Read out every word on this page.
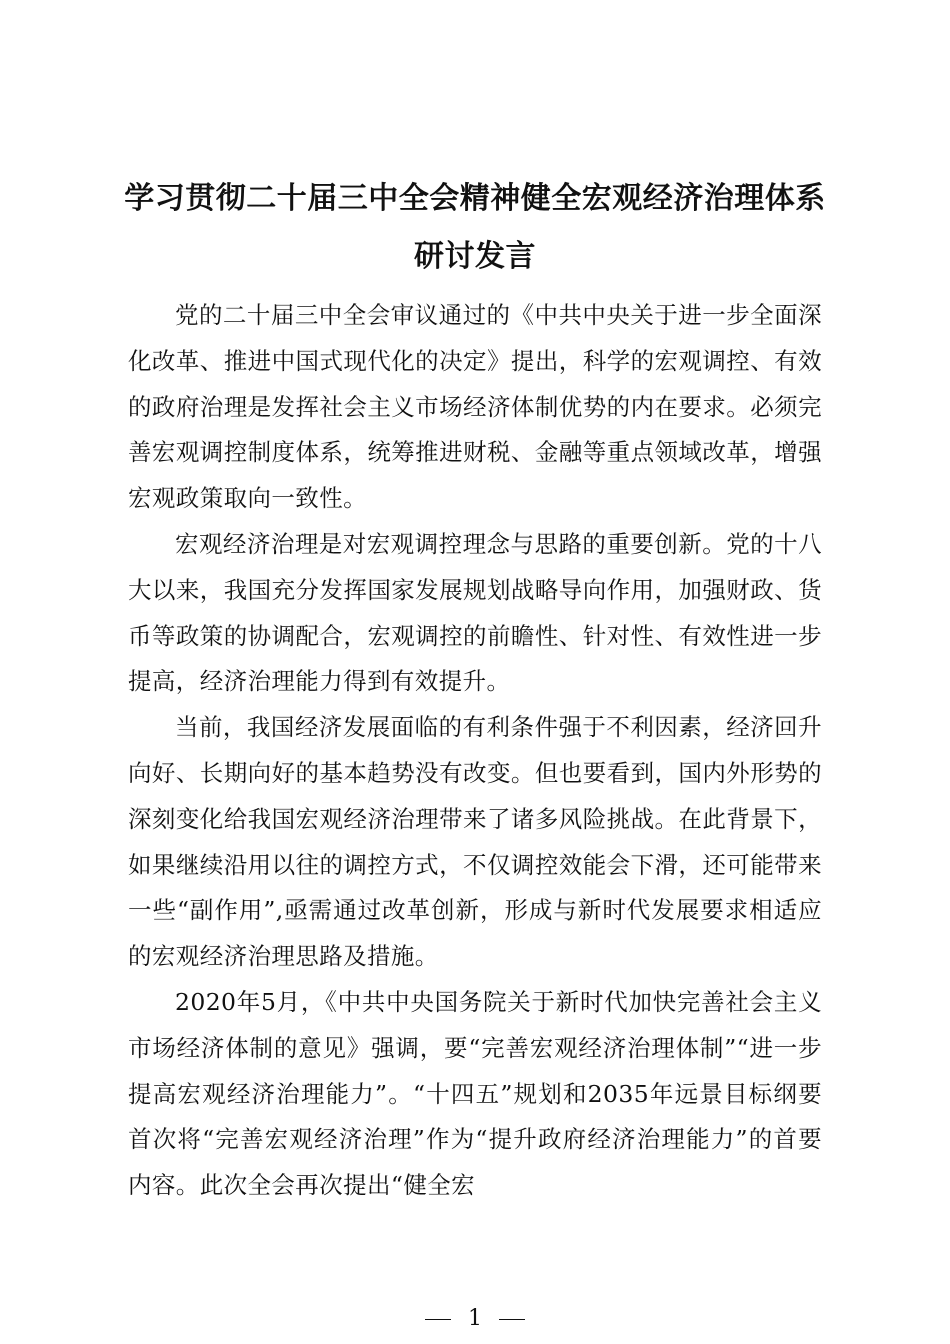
学习贯彻二十届三中全会精神健全宏观经济治理体系研讨发言

党的二十届三中全会审议通过的《中共中央关于进一步全面深化改革、推进中国式现代化的决定》提出，科学的宏观调控、有效的政府治理是发挥社会主义市场经济体制优势的内在要求。必须完善宏观调控制度体系，统筹推进财税、金融等重点领域改革，增强宏观政策取向一致性。

宏观经济治理是对宏观调控理念与思路的重要创新。党的十八大以来，我国充分发挥国家发展规划战略导向作用，加强财政、货币等政策的协调配合，宏观调控的前瞻性、针对性、有效性进一步提高，经济治理能力得到有效提升。

当前，我国经济发展面临的有利条件强于不利因素，经济回升向好、长期向好的基本趋势没有改变。但也要看到，国内外形势的深刻变化给我国宏观经济治理带来了诸多风险挑战。在此背景下，如果继续沿用以往的调控方式，不仅调控效能会下滑，还可能带来一些“副作用”,亟需通过改革创新，形成与新时代发展要求相适应的宏观经济治理思路及措施。

2020年5月，《中共中央国务院关于新时代加快完善社会主义市场经济体制的意见》强调，要“完善宏观经济治理体制”“进一步提高宏观经济治理能力”。“十四五”规划和2035年远景目标纲要首次将“完善宏观经济治理”作为“提升政府经济治理能力”的首要内容。此次全会再次提出“健全宏

1
